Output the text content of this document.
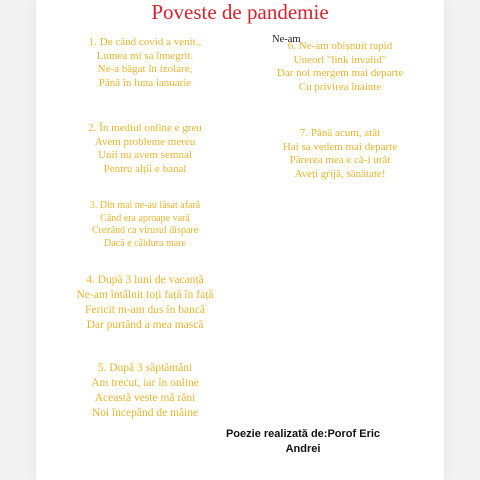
Poveste de pandemie
1. De când covid a venit.,
Lumea mi sa înnegrit.
Ne-a băgat în izolare,
Până în luna ianuarie
2. În mediul online e greu
Avem probleme mereu
Unii nu avem semnal
Pentru alții e banal
3. Din mai ne-au lăsat afară
Când era aproape vară
Crezând ca virusul dispare
Dacă e căldura mare
4. După 3 luni de vacanță
Ne-am întâlnit toți față în față
Fericit m-am dus în bancă
Dar purtând a mea mască
5. După 3 săptămâni
Am trecut, iar în online
Această veste mă răni
Noi începând de mâine
6. Ne-am obișnuit rapid
Uneori "link invalid"
Dar noi mergem mai departe
Cu privirea înainte
7. Până acum, atât
Hai sa vedem mai departe
Părerea mea e că-i urât
Aveți grijă, sănătate!
Ne-am
Poezie realizată de:Porof Eric
Andrei
